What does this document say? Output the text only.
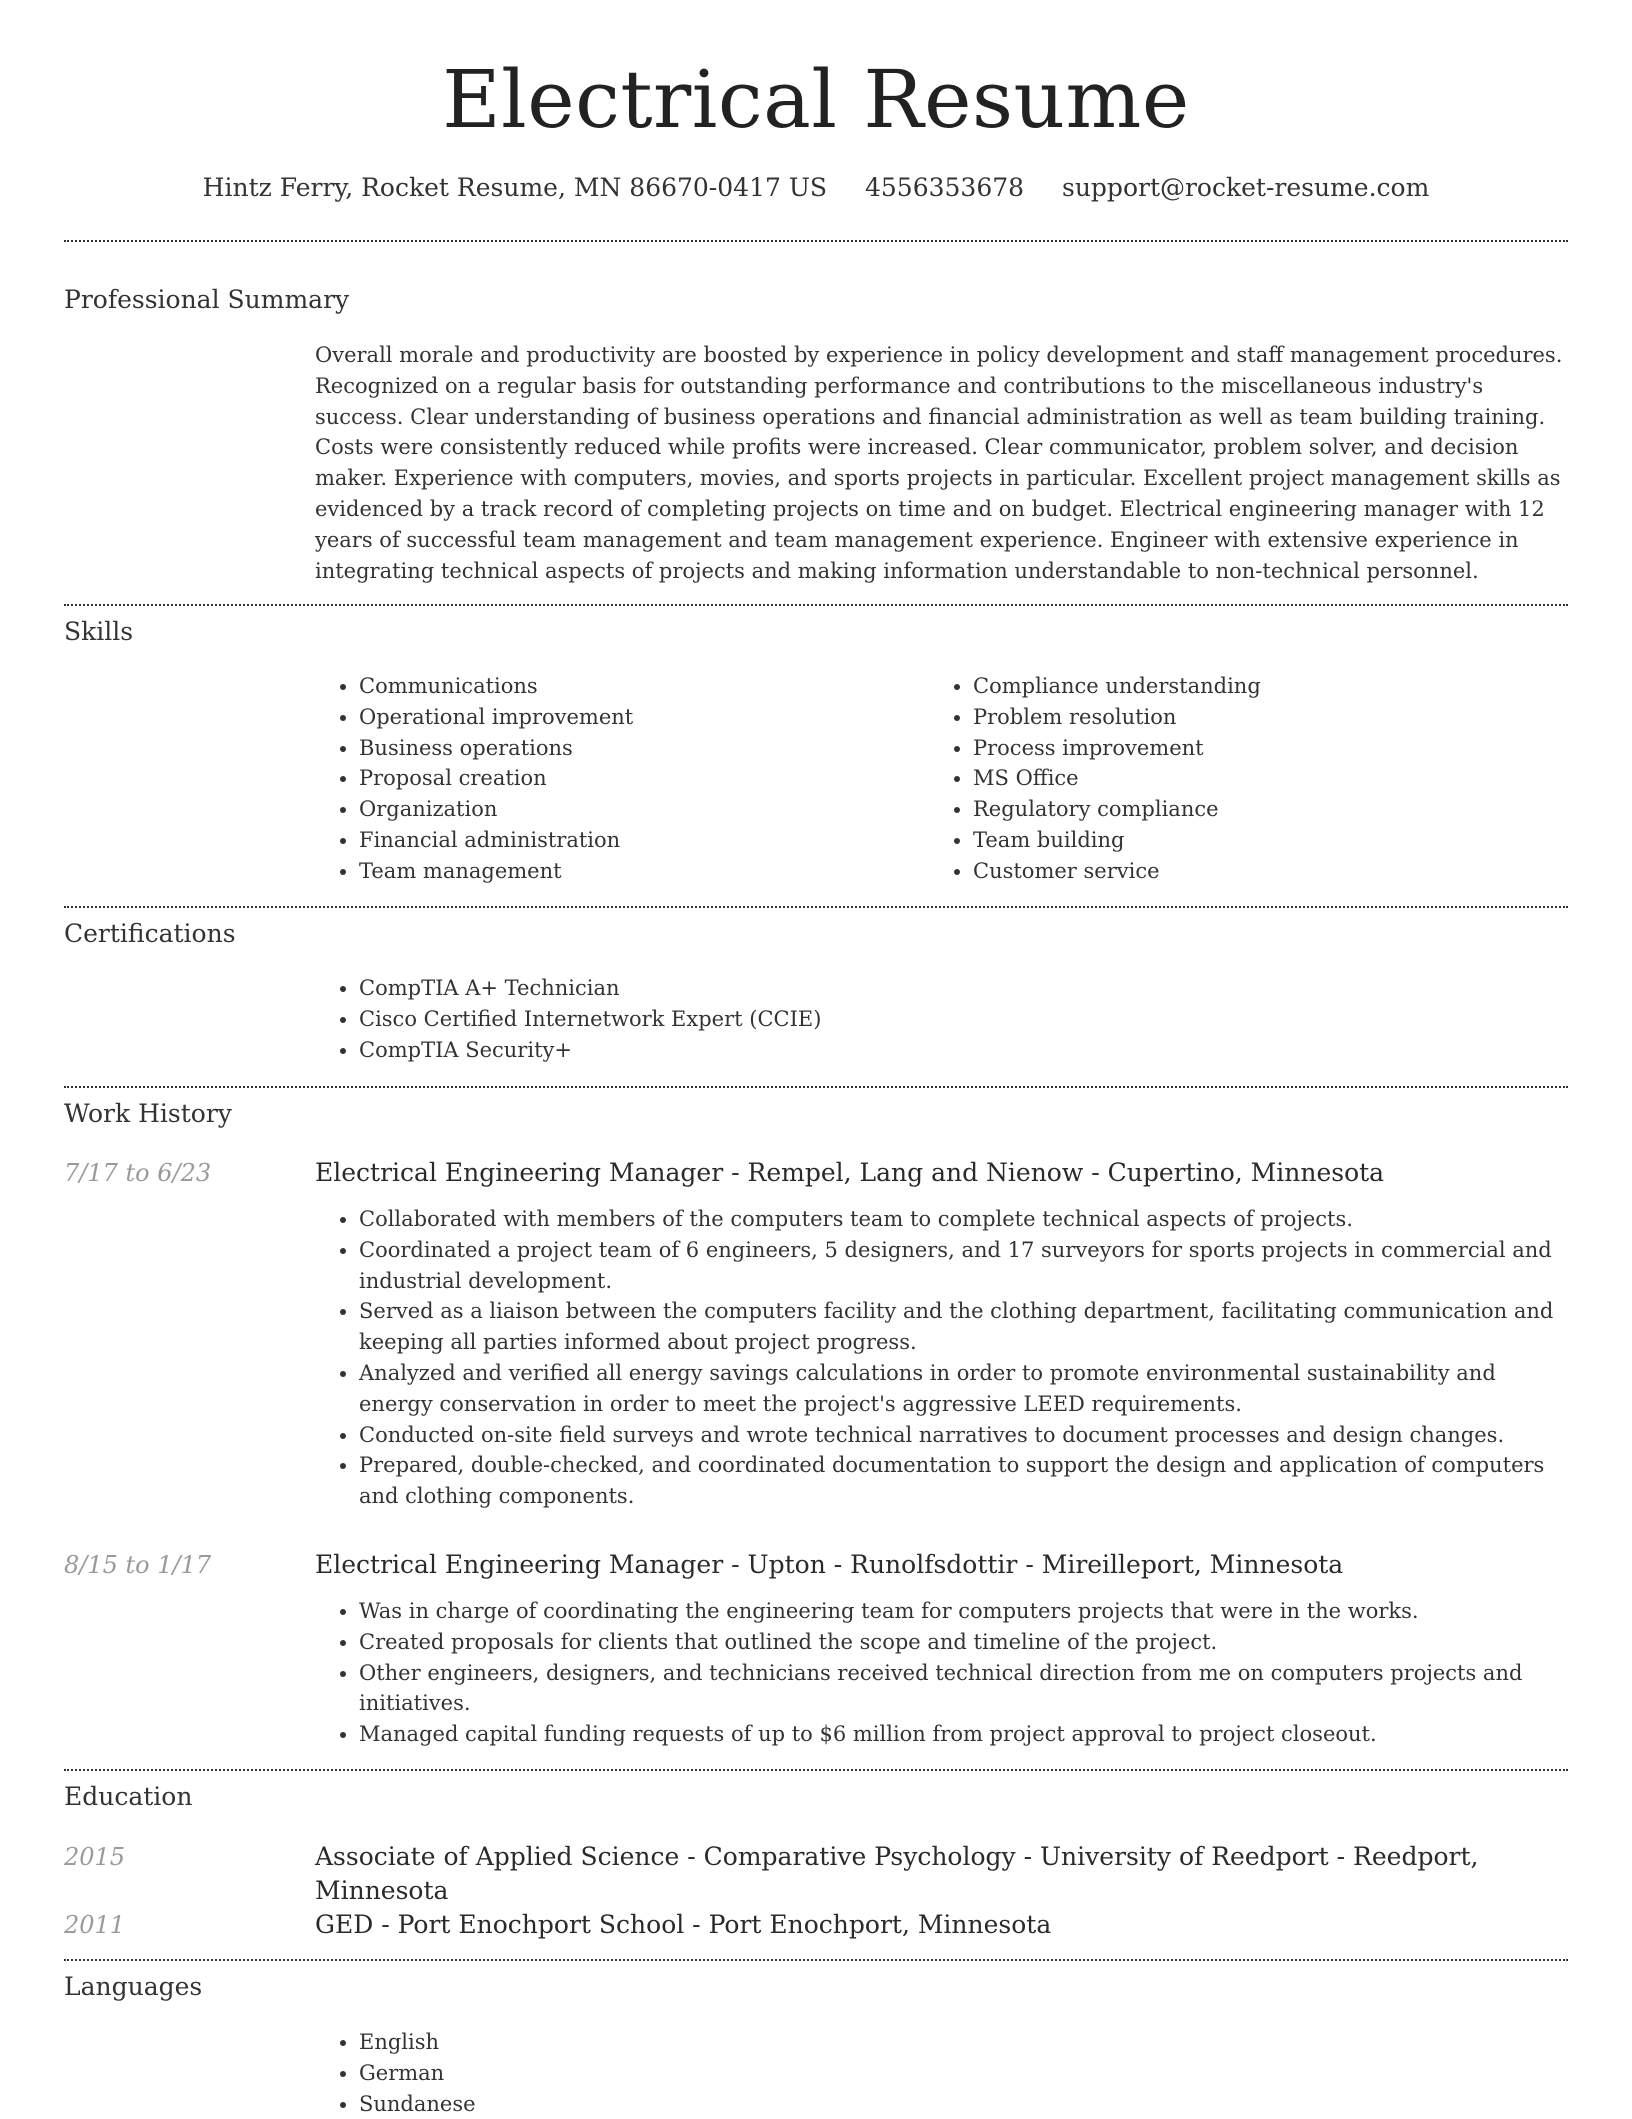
Electrical Resume
Hintz Ferry, Rocket Resume, MN 86670-0417 US 4556353678 support@rocket-resume.com
Professional Summary

Overall morale and productivity are boosted by experience in policy development and staff management procedures. Recognized on a regular basis for outstanding performance and contributions to the miscellaneous industry's success. Clear understanding of business operations and financial administration as well as team building training. Costs were consistently reduced while profits were increased. Clear communicator, problem solver, and decision maker. Experience with computers, movies, and sports projects in particular. Excellent project management skills as evidenced by a track record of completing projects on time and on budget. Electrical engineering manager with 12 years of successful team management and team management experience. Engineer with extensive experience in integrating technical aspects of projects and making information understandable to non-technical personnel.

Skills
• Communications
• Operational improvement
• Business operations
• Proposal creation
• Organization
• Financial administration
• Team management
• Compliance understanding
• Problem resolution
• Process improvement
• MS Office
• Regulatory compliance
• Team building
• Customer service
Certifications
• CompTIA A+ Technician
• Cisco Certified Internetwork Expert (CCIE)
• CompTIA Security+
Work History
7/17 to 6/23	Electrical Engineering Manager - Rempel, Lang and Nienow - Cupertino, Minnesota

• Collaborated with members of the computers team to complete technical aspects of projects.
• Coordinated a project team of 6 engineers, 5 designers, and 17 surveyors for sports projects in commercial and industrial development.
• Served as a liaison between the computers facility and the clothing department, facilitating communication and keeping all parties informed about project progress.
• Analyzed and verified all energy savings calculations in order to promote environmental sustainability and energy conservation in order to meet the project's aggressive LEED requirements.
• Conducted on-site field surveys and wrote technical narratives to document processes and design changes.
• Prepared, double-checked, and coordinated documentation to support the design and application of computers and clothing components.
8/15 to 1/17	Electrical Engineering Manager - Upton - Runolfsdottir - Mireilleport, Minnesota

• Was in charge of coordinating the engineering team for computers projects that were in the works.
• Created proposals for clients that outlined the scope and timeline of the project.
• Other engineers, designers, and technicians received technical direction from me on computers projects and initiatives.
• Managed capital funding requests of up to $6 million from project approval to project closeout.
Education
2015	Associate of Applied Science - Comparative Psychology - University of Reedport - Reedport, Minnesota

2011	GED - Port Enochport School - Port Enochport, Minnesota

Languages
• English
• German
• Sundanese
